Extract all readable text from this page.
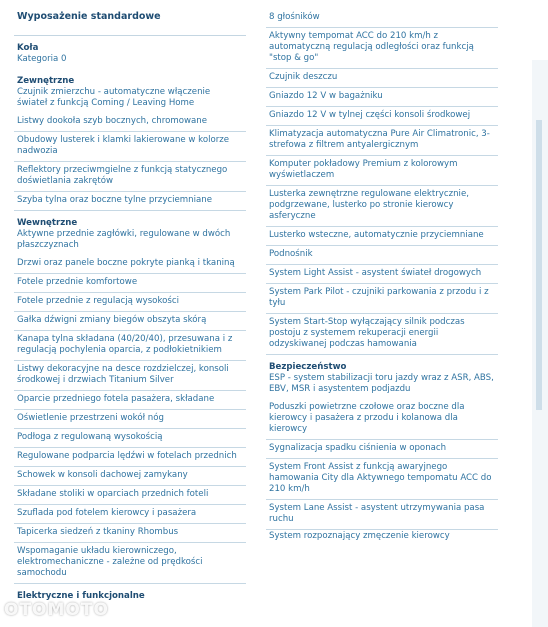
Wyposażenie standardowe
Koła
Kategoria 0
Zewnętrzne
Czujnik zmierzchu - automatyczne włączenie świateł z funkcją Coming / Leaving Home
Listwy dookoła szyb bocznych, chromowane
Obudowy lusterek i klamki lakierowane w kolorze nadwozia
Reflektory przeciwmgielne z funkcją statycznego doświetlania zakrętów
Szyba tylna oraz boczne tylne przyciemniane
Wewnętrzne
Aktywne przednie zagłówki, regulowane w dwóch płaszczyznach
Drzwi oraz panele boczne pokryte pianką i tkaniną
Fotele przednie komfortowe
Fotele przednie z regulacją wysokości
Gałka dźwigni zmiany biegów obszyta skórą
Kanapa tylna składana (40/20/40), przesuwana i z regulacją pochylenia oparcia, z podłokietnikiem
Listwy dekoracyjne na desce rozdzielczej, konsoli środkowej i drzwiach Titanium Silver
Oparcie przedniego fotela pasażera, składane
Oświetlenie przestrzeni wokół nóg
Podłoga z regulowaną wysokością
Regulowane podparcia lędźwi w fotelach przednich
Schowek w konsoli dachowej zamykany
Składane stoliki w oparciach przednich foteli
Szuflada pod fotelem kierowcy i pasażera
Tapicerka siedzeń z tkaniny Rhombus
Wspomaganie układu kierowniczego, elektromechaniczne - zależne od prędkości samochodu
Elektryczne i funkcjonalne
8 głośników
Aktywny tempomat ACC do 210 km/h z automatyczną regulacją odległości oraz funkcją "stop & go"
Czujnik deszczu
Gniazdo 12 V w bagażniku
Gniazdo 12 V w tylnej części konsoli środkowej
Klimatyzacja automatyczna Pure Air Climatronic, 3-strefowa z filtrem antyalergicznym
Komputer pokładowy Premium z kolorowym wyświetlaczem
Lusterka zewnętrzne regulowane elektrycznie, podgrzewane, lusterko po stronie kierowcy asferyczne
Lusterko wsteczne, automatycznie przyciemniane
Podnośnik
System Light Assist - asystent świateł drogowych
System Park Pilot - czujniki parkowania z przodu i z tyłu
System Start-Stop wyłączający silnik podczas postoju z systemem rekuperacji energii odzyskiwanej podczas hamowania
Bezpieczeństwo
ESP - system stabilizacji toru jazdy wraz z ASR, ABS, EBV, MSR i asystentem podjazdu
Poduszki powietrzne czołowe oraz boczne dla kierowcy i pasażera z przodu i kolanowa dla kierowcy
Sygnalizacja spadku ciśnienia w oponach
System Front Assist z funkcją awaryjnego hamowania City dla Aktywnego tempomatu ACC do 210 km/h
System Lane Assist - asystent utrzymywania pasa ruchu
System rozpoznający zmęczenie kierowcy
OTOMOTO
